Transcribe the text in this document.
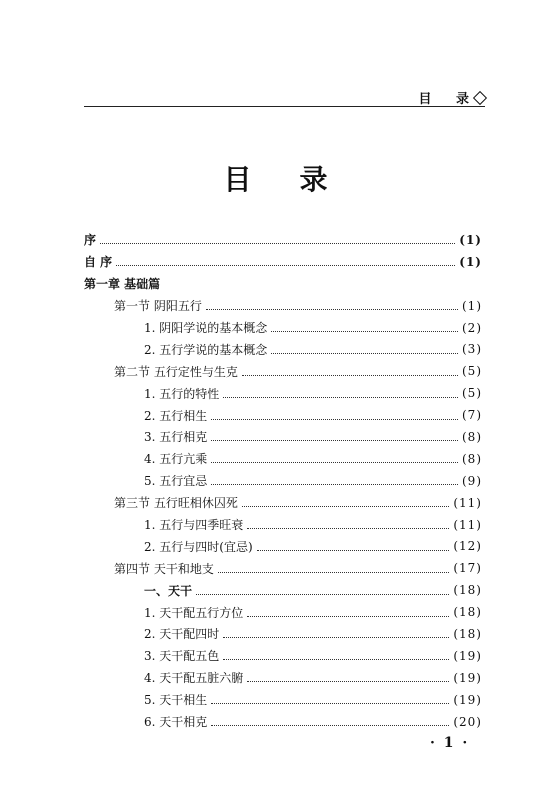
目 录
目录
序	(1)
自 序	(1)
第一章 基础篇
第一节 阴阳五行	(1)
1. 阴阳学说的基本概念	(2)
2. 五行学说的基本概念	(3)
第二节 五行定性与生克	(5)
1. 五行的特性	(5)
2. 五行相生	(7)
3. 五行相克	(8)
4. 五行亢乘	(8)
5. 五行宜忌	(9)
第三节 五行旺相休囚死	(11)
1. 五行与四季旺衰	(11)
2. 五行与四时(宜忌)	(12)
第四节 天干和地支	(17)
一、天干	(18)
1. 天干配五行方位	(18)
2. 天干配四时	(18)
3. 天干配五色	(19)
4. 天干配五脏六腑	(19)
5. 天干相生	(19)
6. 天干相克	(20)
· 1 ·
